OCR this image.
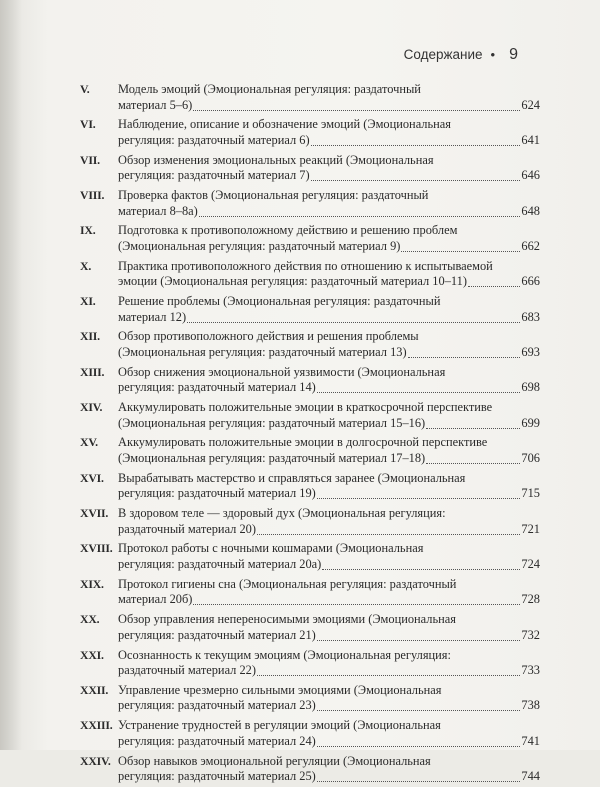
Содержание • 9
V.	Модель эмоций (Эмоциональная регуляция: раздаточный
материал 5–6)	624
VI.	Наблюдение, описание и обозначение эмоций (Эмоциональная
регуляция: раздаточный материал 6)	641
VII.	Обзор изменения эмоциональных реакций (Эмоциональная
регуляция: раздаточный материал 7)	646
VIII.	Проверка фактов (Эмоциональная регуляция: раздаточный
материал 8–8а)	648
IX.	Подготовка к противоположному действию и решению проблем
(Эмоциональная регуляция: раздаточный материал 9)	662
X.	Практика противоположного действия по отношению к испытываемой
эмоции (Эмоциональная регуляция: раздаточный материал 10–11)	666
XI.	Решение проблемы (Эмоциональная регуляция: раздаточный
материал 12)	683
XII.	Обзор противоположного действия и решения проблемы
(Эмоциональная регуляция: раздаточный материал 13)	693
XIII.	Обзор снижения эмоциональной уязвимости (Эмоциональная
регуляция: раздаточный материал 14)	698
XIV.	Аккумулировать положительные эмоции в краткосрочной перспективе
(Эмоциональная регуляция: раздаточный материал 15–16)	699
XV.	Аккумулировать положительные эмоции в долгосрочной перспективе
(Эмоциональная регуляция: раздаточный материал 17–18)	706
XVI.	Вырабатывать мастерство и справляться заранее (Эмоциональная
регуляция: раздаточный материал 19)	715
XVII. В здоровом теле — здоровый дух (Эмоциональная регуляция:
раздаточный материал 20)	721
XVIII. Протокол работы с ночными кошмарами (Эмоциональная
регуляция: раздаточный материал 20а)	724
XIX.	Протокол гигиены сна (Эмоциональная регуляция: раздаточный
материал 20б)	728
XX.	Обзор управления непереносимыми эмоциями (Эмоциональная
регуляция: раздаточный материал 21)	732
XXI.	Осознанность к текущим эмоциям (Эмоциональная регуляция:
раздаточный материал 22)	733
XXII. Управление чрезмерно сильными эмоциями (Эмоциональная
регуляция: раздаточный материал 23)	738
XXIII. Устранение трудностей в регуляции эмоций (Эмоциональная
регуляция: раздаточный материал 24)	741
XXIV. Обзор навыков эмоциональной регуляции (Эмоциональная
регуляция: раздаточный материал 25)	744
